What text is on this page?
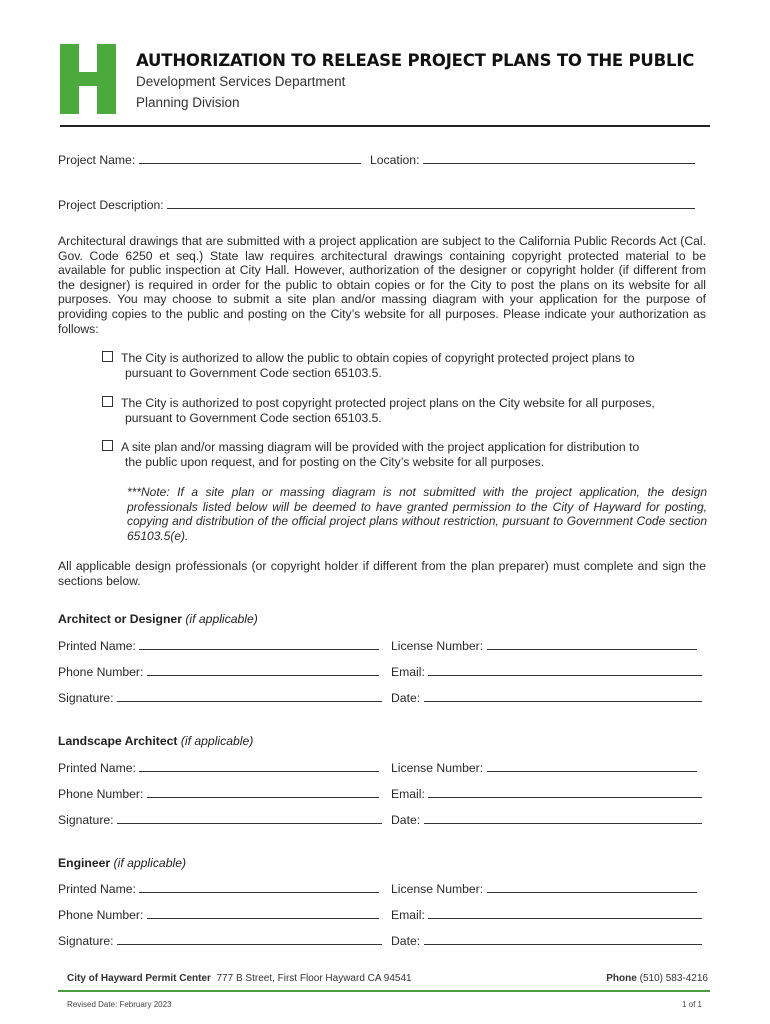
AUTHORIZATION TO RELEASE PROJECT PLANS TO THE PUBLIC
Development Services Department
Planning Division
Project Name:	Location:
Project Description:
Architectural drawings that are submitted with a project application are subject to the California Public Records Act (Cal. Gov. Code 6250 et seq.) State law requires architectural drawings containing copyright protected material to be available for public inspection at City Hall. However, authorization of the designer or copyright holder (if different from the designer) is required in order for the public to obtain copies or for the City to post the plans on its website for all purposes. You may choose to submit a site plan and/or massing diagram with your application for the purpose of providing copies to the public and posting on the City’s website for all purposes. Please indicate your authorization as follows:
The City is authorized to allow the public to obtain copies of copyright protected project plans to
pursuant to Government Code section 65103.5.
The City is authorized to post copyright protected project plans on the City website for all purposes,
pursuant to Government Code section 65103.5.
A site plan and/or massing diagram will be provided with the project application for distribution to
the public upon request, and for posting on the City’s website for all purposes.
***Note: If a site plan or massing diagram is not submitted with the project application, the design professionals listed below will be deemed to have granted permission to the City of Hayward for posting, copying and distribution of the official project plans without restriction, pursuant to Government Code section 65103.5(e).
All applicable design professionals (or copyright holder if different from the plan preparer) must complete and sign the sections below.
Architect or Designer (if applicable)
Printed Name:	License Number:
Phone Number:	Email:
Signature:	Date:
Landscape Architect (if applicable)
Printed Name:	License Number:
Phone Number:	Email:
Signature:	Date:
Engineer (if applicable)
Printed Name:	License Number:
Phone Number:	Email:
Signature:	Date:
City of Hayward Permit Center 777 B Street, First Floor Hayward CA 94541	Phone (510) 583-4216
Revised Date: February 2023	1 of 1
